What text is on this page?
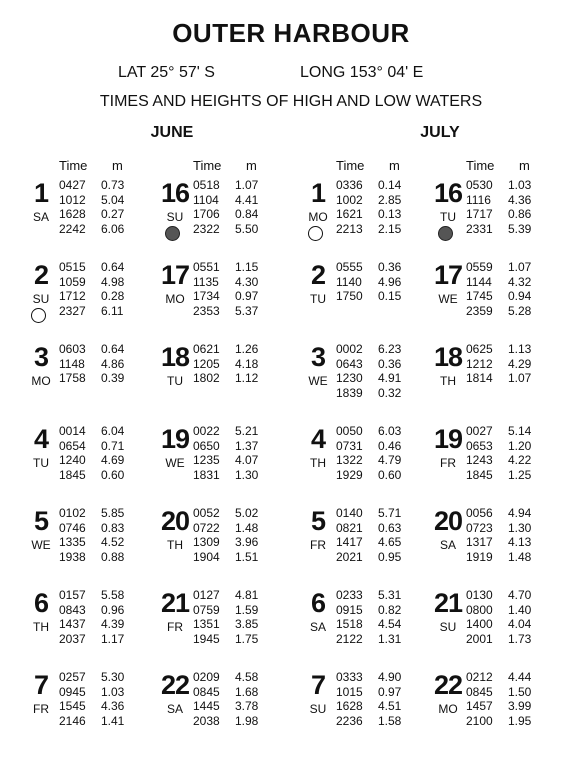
OUTER HARBOUR
LAT 25° 57' S	LONG 153° 04' E
TIMES AND HEIGHTS OF HIGH AND LOW WATERS
JUNE	JULY
Time m
1
SA
0427 0.73
1012 5.04
1628 0.27
2242 6.06
2
SU
0515 0.64
1059 4.98
1712 0.28
2327 6.11
3
MO
0603 0.64
1148 4.86
1758 0.39
4
TU
0014 6.04
0654 0.71
1240 4.69
1845 0.60
5
WE
0102 5.85
0746 0.83
1335 4.52
1938 0.88
6
TH
0157 5.58
0843 0.96
1437 4.39
2037 1.17
7
FR
0257 5.30
0945 1.03
1545 4.36
2146 1.41
Time m
16
SU
0518 1.07
1104 4.41
1706 0.84
2322 5.50
17
MO
0551 1.15
1135 4.30
1734 0.97
2353 5.37
18
TU
0621 1.26
1205 4.18
1802 1.12
19
WE
0022 5.21
0650 1.37
1235 4.07
1831 1.30
20
TH
0052 5.02
0722 1.48
1309 3.96
1904 1.51
21
FR
0127 4.81
0759 1.59
1351 3.85
1945 1.75
22
SA
0209 4.58
0845 1.68
1445 3.78
2038 1.98
Time m
1
MO
0336 0.14
1002 2.85
1621 0.13
2213 2.15
2
TU
0555 0.36
1140 4.96
1750 0.15
3
WE
0002 6.23
0643 0.36
1230 4.91
1839 0.32
4
TH
0050 6.03
0731 0.46
1322 4.79
1929 0.60
5
FR
0140 5.71
0821 0.63
1417 4.65
2021 0.95
6
SA
0233 5.31
0915 0.82
1518 4.54
2122 1.31
7
SU
0333 4.90
1015 0.97
1628 4.51
2236 1.58
Time m
16
TU
0530 1.03
1116 4.36
1717 0.86
2331 5.39
17
WE
0559 1.07
1144 4.32
1745 0.94
2359 5.28
18
TH
0625 1.13
1212 4.29
1814 1.07
19
FR
0027 5.14
0653 1.20
1243 4.22
1845 1.25
20
SA
0056 4.94
0723 1.30
1317 4.13
1919 1.48
21
SU
0130 4.70
0800 1.40
1400 4.04
2001 1.73
22
MO
0212 4.44
0845 1.50
1457 3.99
2100 1.95
